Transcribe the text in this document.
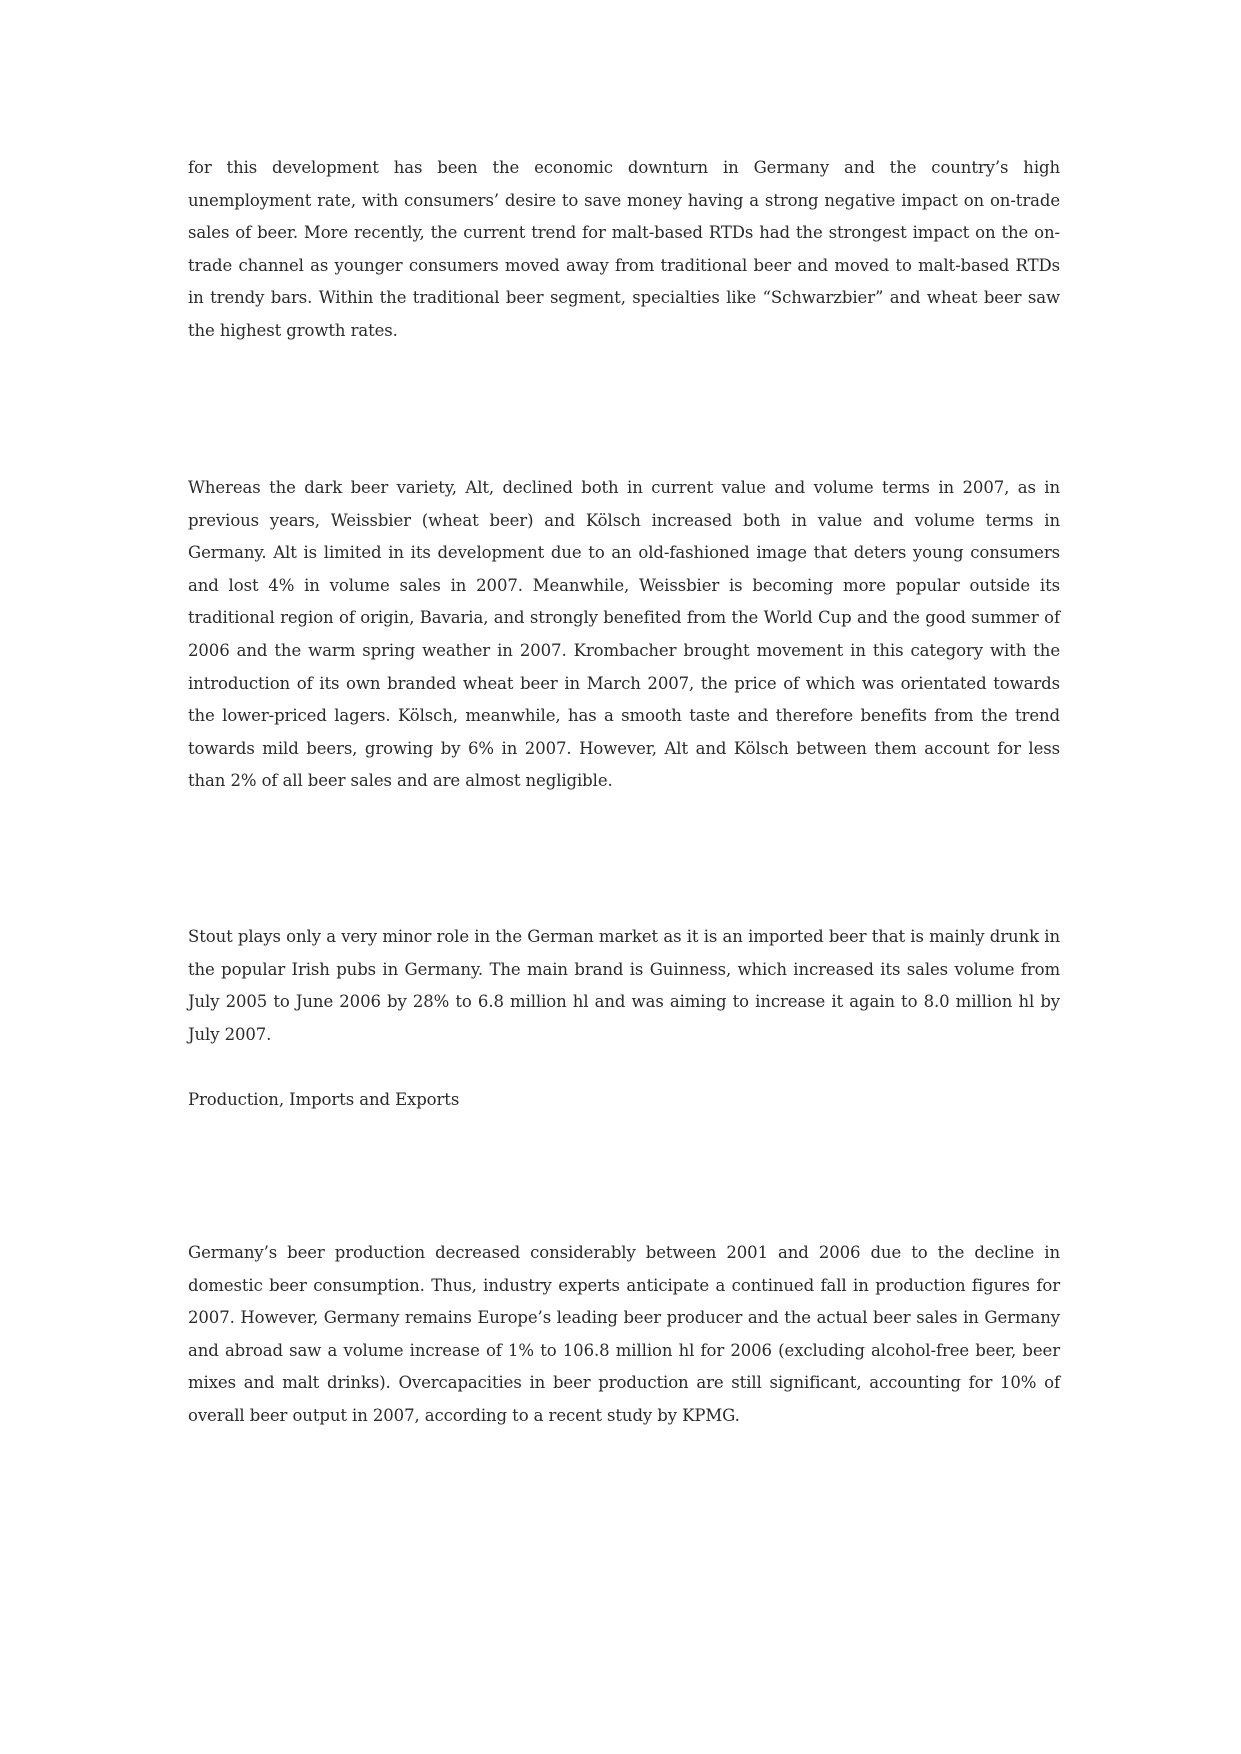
for this development has been the economic downturn in Germany and the country’s high unemployment rate, with consumers’ desire to save money having a strong negative impact on on-trade sales of beer. More recently, the current trend for malt-based RTDs had the strongest impact on the on-trade channel as younger consumers moved away from traditional beer and moved to malt-based RTDs in trendy bars. Within the traditional beer segment, specialties like “Schwarzbier” and wheat beer saw the highest growth rates.

Whereas the dark beer variety, Alt, declined both in current value and volume terms in 2007, as in previous years, Weissbier (wheat beer) and Kölsch increased both in value and volume terms in Germany. Alt is limited in its development due to an old-fashioned image that deters young consumers and lost 4% in volume sales in 2007. Meanwhile, Weissbier is becoming more popular outside its traditional region of origin, Bavaria, and strongly benefited from the World Cup and the good summer of 2006 and the warm spring weather in 2007. Krombacher brought movement in this category with the introduction of its own branded wheat beer in March 2007, the price of which was orientated towards the lower-priced lagers. Kölsch, meanwhile, has a smooth taste and therefore benefits from the trend towards mild beers, growing by 6% in 2007. However, Alt and Kölsch between them account for less than 2% of all beer sales and are almost negligible.

Stout plays only a very minor role in the German market as it is an imported beer that is mainly drunk in the popular Irish pubs in Germany. The main brand is Guinness, which increased its sales volume from July 2005 to June 2006 by 28% to 6.8 million hl and was aiming to increase it again to 8.0 million hl by July 2007.

Production, Imports and Exports

Germany’s beer production decreased considerably between 2001 and 2006 due to the decline in domestic beer consumption. Thus, industry experts anticipate a continued fall in production figures for 2007. However, Germany remains Europe’s leading beer producer and the actual beer sales in Germany and abroad saw a volume increase of 1% to 106.8 million hl for 2006 (excluding alcohol-free beer, beer mixes and malt drinks). Overcapacities in beer production are still significant, accounting for 10% of overall beer output in 2007, according to a recent study by KPMG.
